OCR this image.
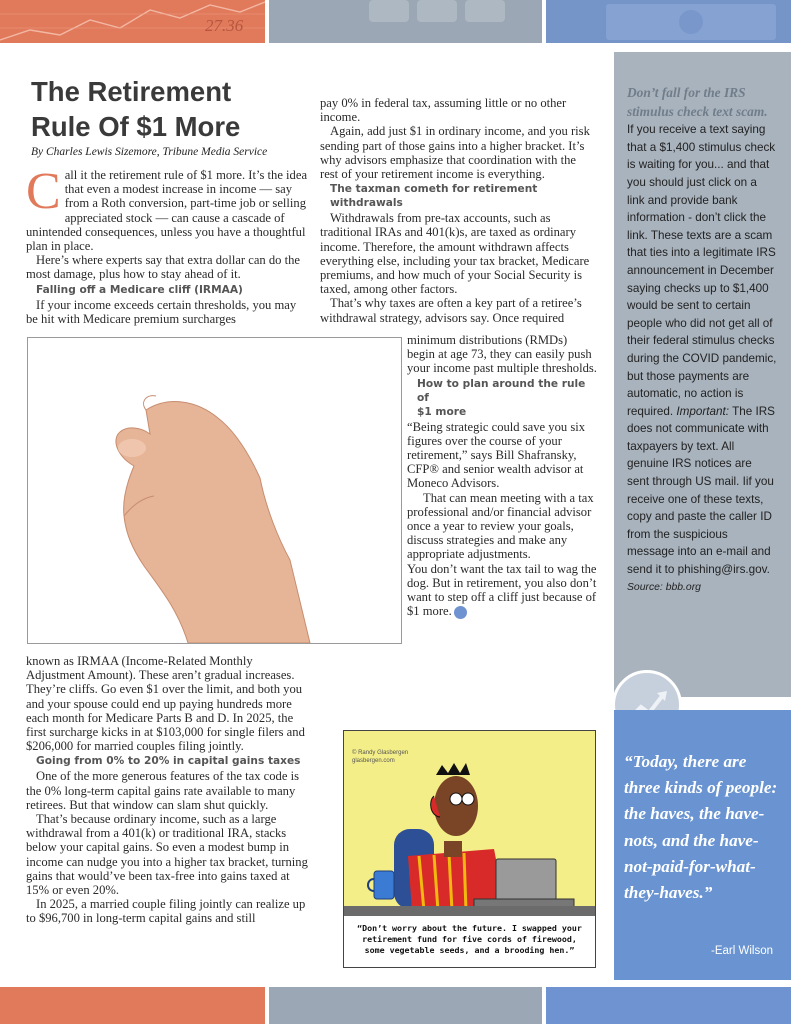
27.36
The Retirement
Rule Of $1 More
By Charles Lewis Sizemore, Tribune Media Service
C all it the retirement rule of $1 more. It’s the idea that even a modest increase in income — say from a Roth conversion, part-time job or selling appreciated stock — can cause a cascade of unintended consequences, unless you have a thoughtful plan in place.

Here’s where experts say that extra dollar can do the most damage, plus how to stay ahead of it.

Falling off a Medicare cliff (IRMAA)

If your income exceeds certain thresholds, you may be hit with Medicare premium surcharges

pay 0% in federal tax, assuming little or no other income.

Again, add just $1 in ordinary income, and you risk sending part of those gains into a higher bracket. It’s why advisors emphasize that coordination with the rest of your retirement income is everything.

The taxman cometh for retirement withdrawals

Withdrawals from pre-tax accounts, such as traditional IRAs and 401(k)s, are taxed as ordinary income. Therefore, the amount withdrawn affects everything else, including your tax bracket, Medicare premiums, and how much of your Social Security is taxed, among other factors.

That’s why taxes are often a key part of a retiree’s withdrawal strategy, advisors say. Once required

minimum distributions (RMDs) begin at age 73, they can easily push your income past multiple thresholds.

How to plan around the rule of
$1 more

“Being strategic could save you six figures over the course of your retirement,” says Bill Shafransky, CFP® and senior wealth advisor at Moneco Advisors.

That can mean meeting with a tax professional and/or financial advisor once a year to review your goals, discuss strategies and make any appropriate adjustments.

You don’t want the tax tail to wag the dog. But in retirement, you also don’t want to step off a cliff just because of $1 more.

known as IRMAA (Income-Related Monthly Adjustment Amount). These aren’t gradual increases. They’re cliffs. Go even $1 over the limit, and both you and your spouse could end up paying hundreds more each month for Medicare Parts B and D. In 2025, the first surcharge kicks in at $103,000 for single filers and $206,000 for married couples filing jointly.

Going from 0% to 20% in capital gains taxes

One of the more generous features of the tax code is the 0% long-term capital gains rate available to many retirees. But that window can slam shut quickly.

That’s because ordinary income, such as a large withdrawal from a 401(k) or traditional IRA, stacks below your capital gains. So even a modest bump in income can nudge you into a higher tax bracket, turning gains that would’ve been tax-free into gains taxed at 15% or even 20%.

In 2025, a married couple filing jointly can realize up to $96,700 in long-term capital gains and still

© Randy Glasbergen
glasbergen.com
“Don’t worry about the future. I swapped your retirement fund for five cords of firewood, some vegetable seeds, and a brooding hen.”
Don’t fall for the IRS stimulus check text scam. If you receive a text saying that a $1,400 stimulus check is waiting for you... and that you should just click on a link and provide bank information - don’t click the link. These texts are a scam that ties into a legitimate IRS announcement in December saying checks up to $1,400 would be sent to certain people who did not get all of their federal stimulus checks during the COVID pandemic, but those payments are automatic, no action is required. Important: The IRS does not communicate with taxpayers by text. All genuine IRS notices are sent through US mail. Iif you receive one of these texts, copy and paste the caller ID from the suspicious message into an e-mail and send it to phishing@irs.gov.
Source: bbb.org
“Today, there are three kinds of people: the haves, the have-nots, and the have-not-paid-for-what-they-haves.”
-Earl Wilson
